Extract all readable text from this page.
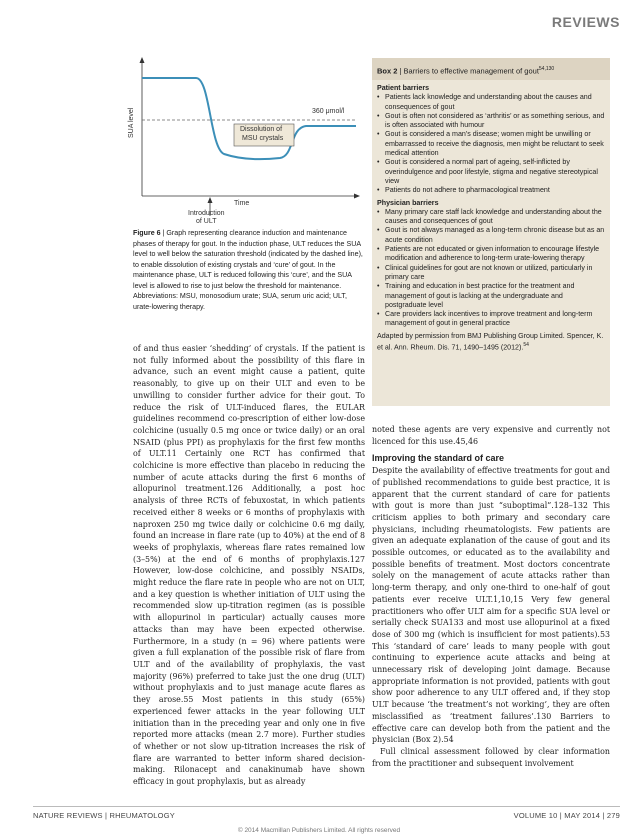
REVIEWS
SUA level	360 μmol/l
Dissolution of
MSU crystals
Time
Introduction
of ULT
Figure 6 | Graph representing clearance induction and maintenance phases of therapy for gout. In the induction phase, ULT reduces the SUA level to well below the saturation threshold (indicated by the dashed line), to enable dissolution of existing crystals and ‘cure’ of gout. In the maintenance phase, ULT is reduced following this ‘cure’, and the SUA level is allowed to rise to just below the threshold for maintenance. Abbreviations: MSU, monosodium urate; SUA, serum uric acid; ULT, urate-lowering therapy.
Box 2 | Barriers to effective management of gout$^{54,130}$
Patient barriers
• Patients lack knowledge and understanding about the causes and consequences of gout
• Gout is often not considered as ‘arthritis’ or as something serious, and is often associated with humour
• Gout is considered a man’s disease; women might be unwilling or embarrassed to receive the diagnosis, men might be reluctant to seek medical attention
• Gout is considered a normal part of ageing, self-inflicted by overindulgence and poor lifestyle, stigma and negative stereotypical view
• Patients do not adhere to pharmacological treatment
Physician barriers
• Many primary care staff lack knowledge and understanding about the causes and consequences of gout
• Gout is not always managed as a long-term chronic disease but as an acute condition
• Patients are not educated or given information to encourage lifestyle modification and adherence to long-term urate-lowering therapy
• Clinical guidelines for gout are not known or utilized, particularly in primary care
• Training and education in best practice for the treatment and management of gout is lacking at the undergraduate and postgraduate level
• Care providers lack incentives to improve treatment and long-term management of gout in general practice
Adapted by permission from BMJ Publishing Group Limited. Spencer, K. et al. Ann. Rheum. Dis. 71, 1490–1495 (2012).$^{54}$

of and thus easier ‘shedding’ of crystals. If the patient is not fully informed about the possibility of this flare in advance, such an event might cause a patient, quite reasonably, to give up on their ULT and even to be unwilling to consider further advice for their gout. To reduce the risk of ULT-induced flares, the EULAR guidelines recommend co-prescription of either low-dose colchicine (usually 0.5 mg once or twice daily) or an oral NSAID (plus PPI) as prophylaxis for the first few months of ULT.11 Certainly one RCT has confirmed that colchicine is more effective than placebo in reducing the number of acute attacks during the first 6 months of allopurinol treatment.126 Additionally, a post hoc analysis of three RCTs of febuxostat, in which patients received either 8 weeks or 6 months of prophylaxis with naproxen 250 mg twice daily or colchicine 0.6 mg daily, found an increase in flare rate (up to 40%) at the end of 8 weeks of prophylaxis, whereas flare rates remained low (3–5%) at the end of 6 months of prophylaxis.127 However, low-dose colchicine, and possibly NSAIDs, might reduce the flare rate in people who are not on ULT, and a key question is whether initiation of ULT using the recommended slow up-titration regimen (as is possible with allopurinol in particular) actually causes more attacks than may have been expected otherwise. Furthermore, in a study (n = 96) where patients were given a full explanation of the possible risk of flare from ULT and of the availability of prophylaxis, the vast majority (96%) preferred to take just the one drug (ULT) without prophylaxis and to just manage acute flares as they arose.55 Most patients in this study (65%) experienced fewer attacks in the year following ULT initiation than in the preceding year and only one in five reported more attacks (mean 2.7 more). Further studies of whether or not slow up-titration increases the risk of flare are warranted to better inform shared decision-making. Rilonacept and canakinumab have shown efficacy in gout prophylaxis, but as already

noted these agents are very expensive and currently not licenced for this use.45,46

Improving the standard of care

Despite the availability of effective treatments for gout and of published recommendations to guide best practice, it is apparent that the current standard of care for patients with gout is more than just “suboptimal”.128–132 This criticism applies to both primary and secondary care physicians, including rheumatologists. Few patients are given an adequate explanation of the cause of gout and its possible outcomes, or educated as to the availability and possible benefits of treatment. Most doctors concentrate solely on the management of acute attacks rather than long-term therapy, and only one-third to one-half of gout patients ever receive ULT.1,10,15 Very few general practitioners who offer ULT aim for a specific SUA level or serially check SUA133 and most use allopurinol at a fixed dose of 300 mg (which is insufficient for most patients).53 This ‘standard of care’ leads to many people with gout continuing to experience acute attacks and being at unnecessary risk of developing joint damage. Because appropriate information is not provided, patients with gout show poor adherence to any ULT offered and, if they stop ULT because ‘the treatment’s not working’, they are often misclassified as ‘treatment failures’.130 Barriers to effective care can develop both from the patient and the physician (Box 2).54

Full clinical assessment followed by clear information from the practitioner and subsequent involvement

NATURE REVIEWS | RHEUMATOLOGY	VOLUME 10 | MAY 2014 | 279
© 2014 Macmillan Publishers Limited. All rights reserved
